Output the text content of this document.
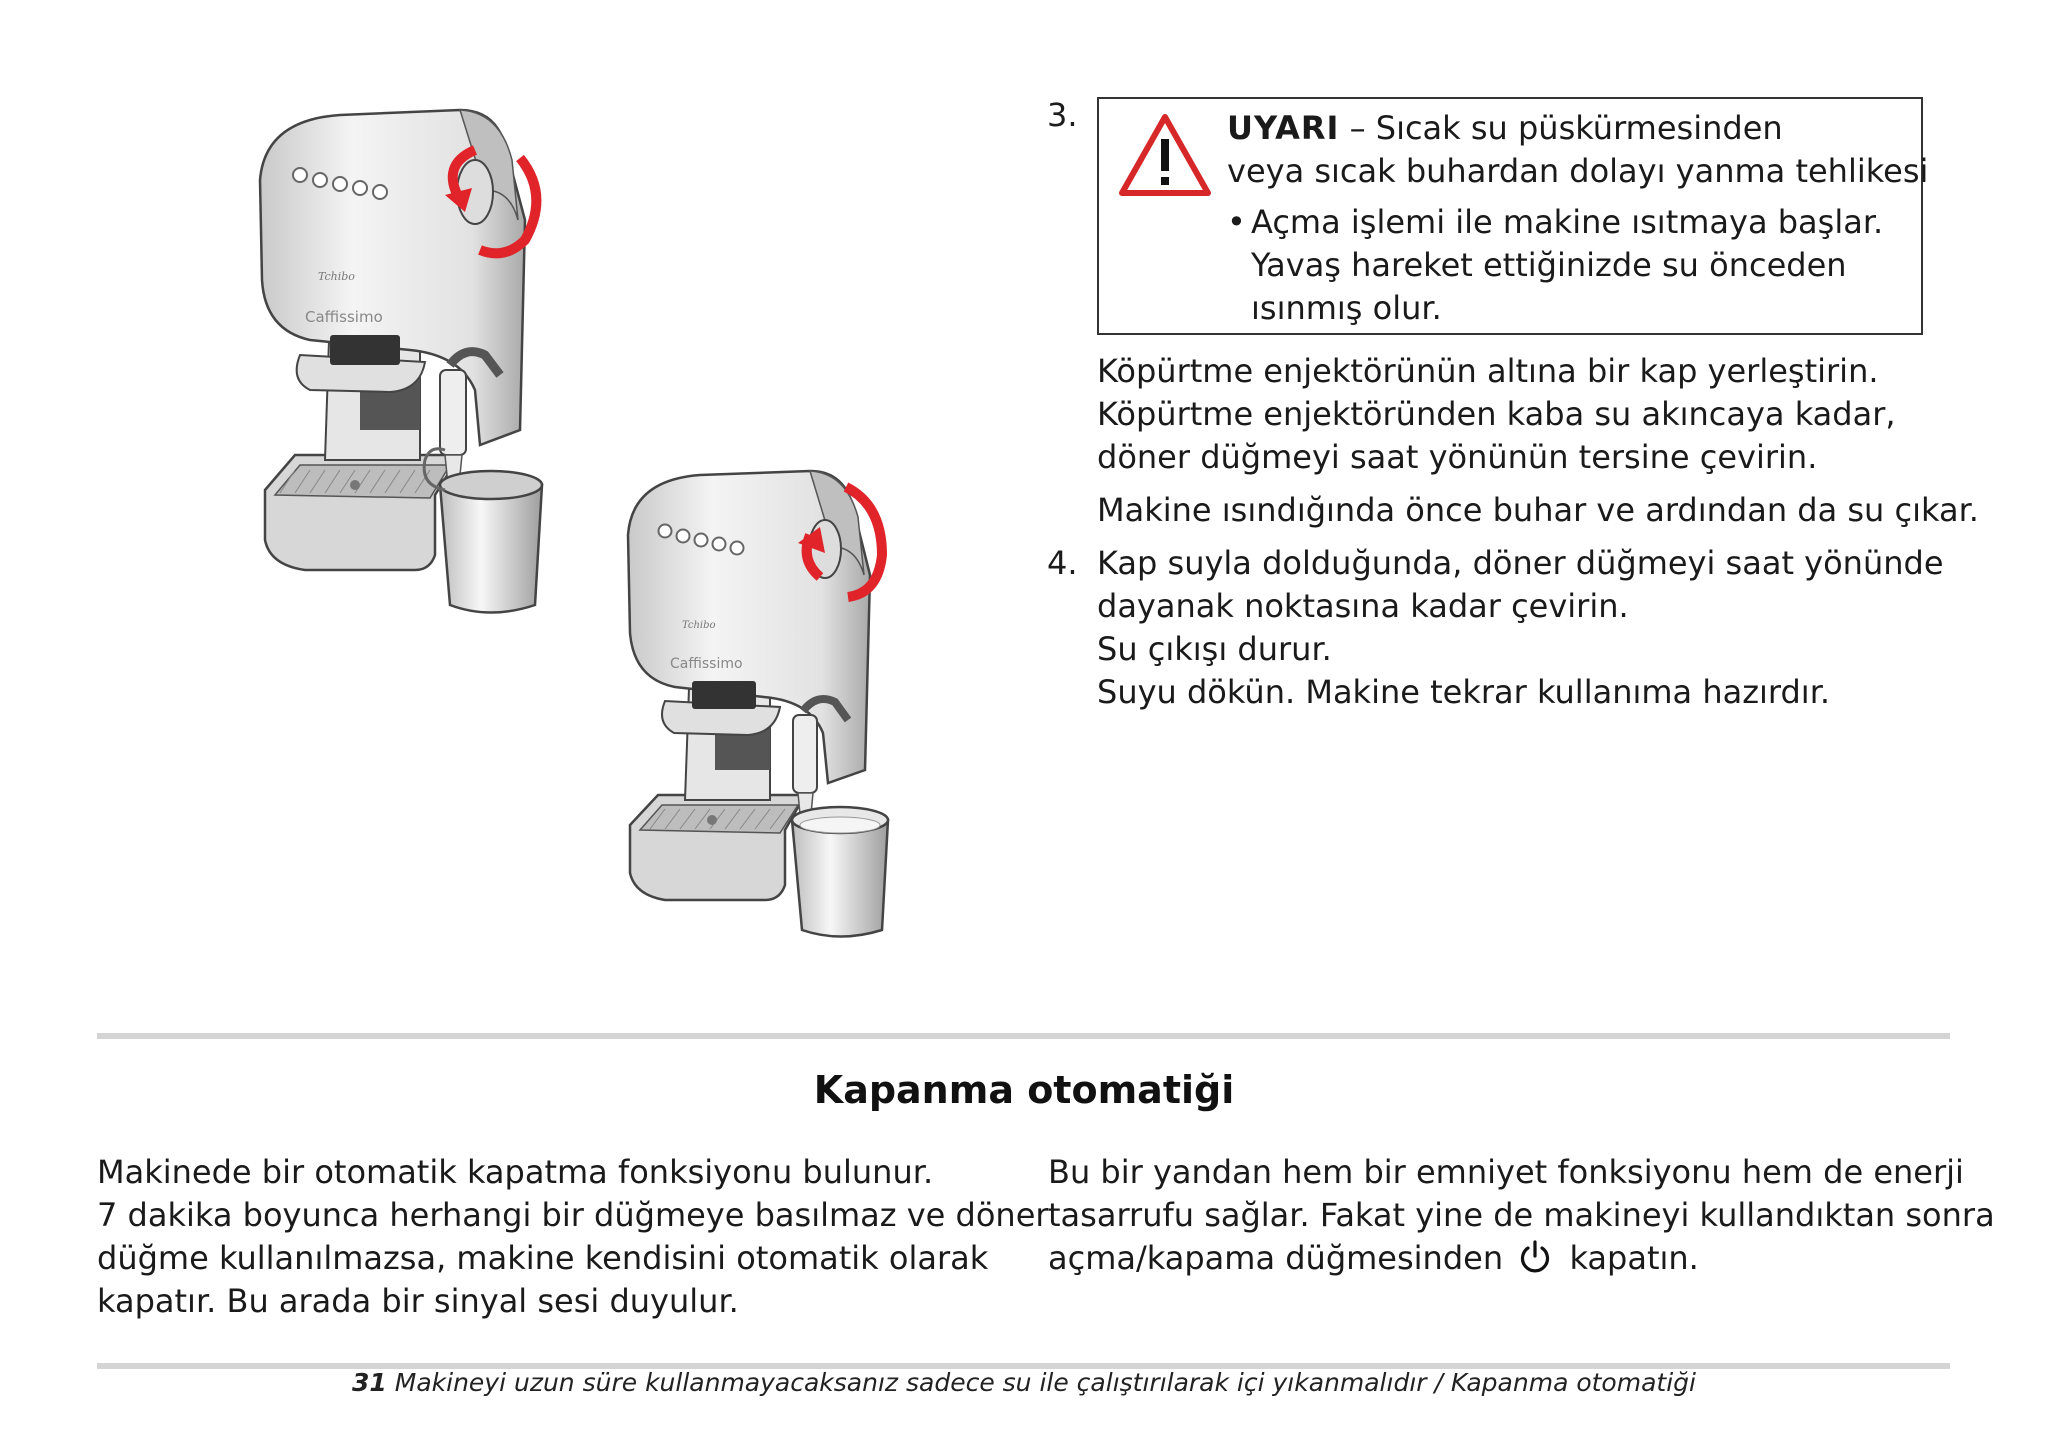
Tchibo
Caffissimo
Tchibo
Caffissimo
3.	UYARI – Sıcak su püskürmesinden
veya sıcak buhardan dolayı yanma tehlikesi
• Açma işlemi ile makine ısıtmaya başlar.
Yavaş hareket ettiğinizde su önceden
ısınmış olur.
Köpürtme enjektörünün altına bir kap yerleştirin.
Köpürtme enjektöründen kaba su akıncaya kadar,
döner düğmeyi saat yönünün tersine çevirin.
Makine ısındığında önce buhar ve ardından da su çıkar.
4. Kap suyla dolduğunda, döner düğmeyi saat yönünde
dayanak noktasına kadar çevirin.
Su çıkışı durur.
Suyu dökün. Makine tekrar kullanıma hazırdır.
Kapanma otomatiği
Makinede bir otomatik kapatma fonksiyonu bulunur.
7 dakika boyunca herhangi bir düğmeye basılmaz ve döner
düğme kullanılmazsa, makine kendisini otomatik olarak
kapatır. Bu arada bir sinyal sesi duyulur.
Bu bir yandan hem bir emniyet fonksiyonu hem de enerji
tasarrufu sağlar. Fakat yine de makineyi kullandıktan sonra
açma/kapama düğmesinden kapatın.
31 Makineyi uzun süre kullanmayacaksanız sadece su ile çalıştırılarak içi yıkanmalıdır / Kapanma otomatiği
